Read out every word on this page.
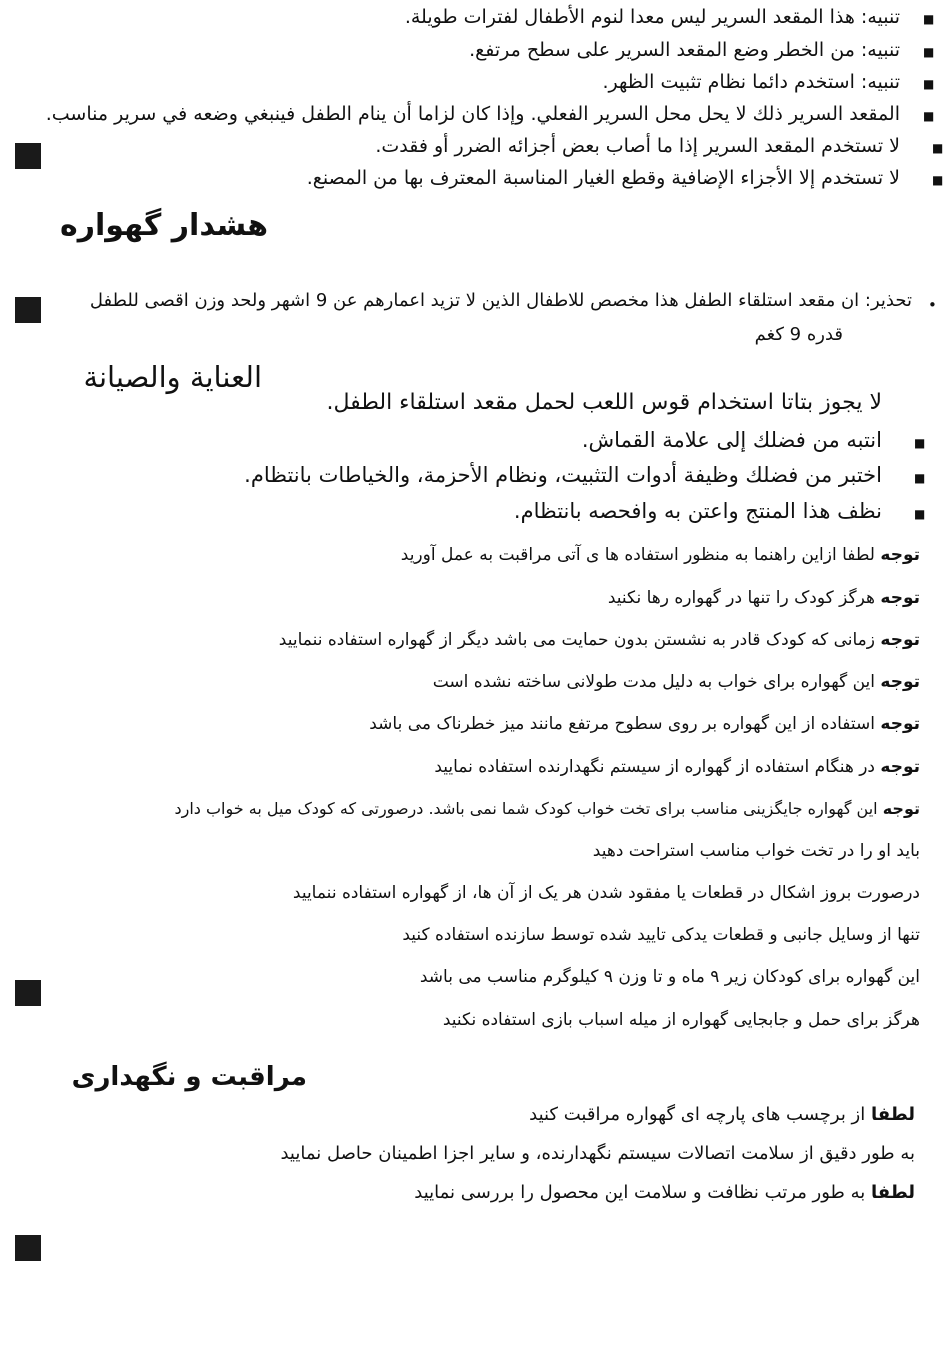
تنبيه: هذا المقعد السرير ليس معدا لنوم الأطفال لفترات طويلة. ■
تنبيه: من الخطر وضع المقعد السرير على سطح مرتفع. ■
تنبيه: استخدم دائما نظام تثبيت الظهر. ■
المقعد السرير ذلك لا يحل محل السرير الفعلي. وإذا كان لزاما أن ينام الطفل فينبغي وضعه في سرير مناسب. ■
لا تستخدم المقعد السرير إذا ما أصاب بعض أجزائه الضرر أو فقدت.	■
لا تستخدم إلا الأجزاء الإضافية وقطع الغيار المناسبة المعترف بها من المصنع.	■
هشدار گهواره
•
تحذير: ان مقعد استلقاء الطفل هذا مخصص للاطفال الذين لا تزيد اعمارهم عن 9 اشهر ولحد وزن اقصى للطفل
قدره 9 كغم
العناية والصيانة
لا يجوز بتاتا استخدام قوس اللعب لحمل مقعد استلقاء الطفل.
■
انتبه من فضلك إلى علامة القماش.
■
اختبر من فضلك وظيفة أدوات التثبيت، ونظام الأحزمة، والخياطات بانتظام.
■
نظف هذا المنتج واعتن به وافحصه بانتظام.
توجه لطفا ازاین راهنما به منظور استفاده ها ی آتی مراقبت به عمل آورید
توجه هرگز کودک را تنها در گهواره رها نکنید
توجه زمانی که کودک قادر به نشستن بدون حمایت می باشد دیگر از گهواره استفاده ننمایید
توجه این گهواره برای خواب به دلیل مدت طولانی ساخته نشده است
توجه استفاده از این گهواره بر روی سطوح مرتفع مانند میز خطرناک می باشد
توجه در هنگام استفاده از گهواره از سیستم نگهدارنده استفاده نمایید
توجه این گهواره جایگزینی مناسب برای تخت خواب کودک شما نمی باشد. درصورتی که کودک میل به خواب دارد
باید او را در تخت خواب مناسب استراحت دهید
درصورت بروز اشکال در قطعات یا مفقود شدن هر یک از آن ها، از گهواره استفاده ننمایید
تنها از وسایل جانبی و قطعات یدکی تایید شده توسط سازنده استفاده کنید
این گهواره برای کودکان زیر ۹ ماه و تا وزن ۹ کیلوگرم مناسب می باشد
هرگز برای حمل و جابجایی گهواره از میله اسباب بازی استفاده نکنید
مراقبت و نگهداری
لطفا از برچسب های پارچه ای گهواره مراقبت کنید
به طور دقیق از سلامت اتصالات سیستم نگهدارنده، و سایر اجزا اطمینان حاصل نمایید
لطفا به طور مرتب نظافت و سلامت این محصول را بررسی نمایید
